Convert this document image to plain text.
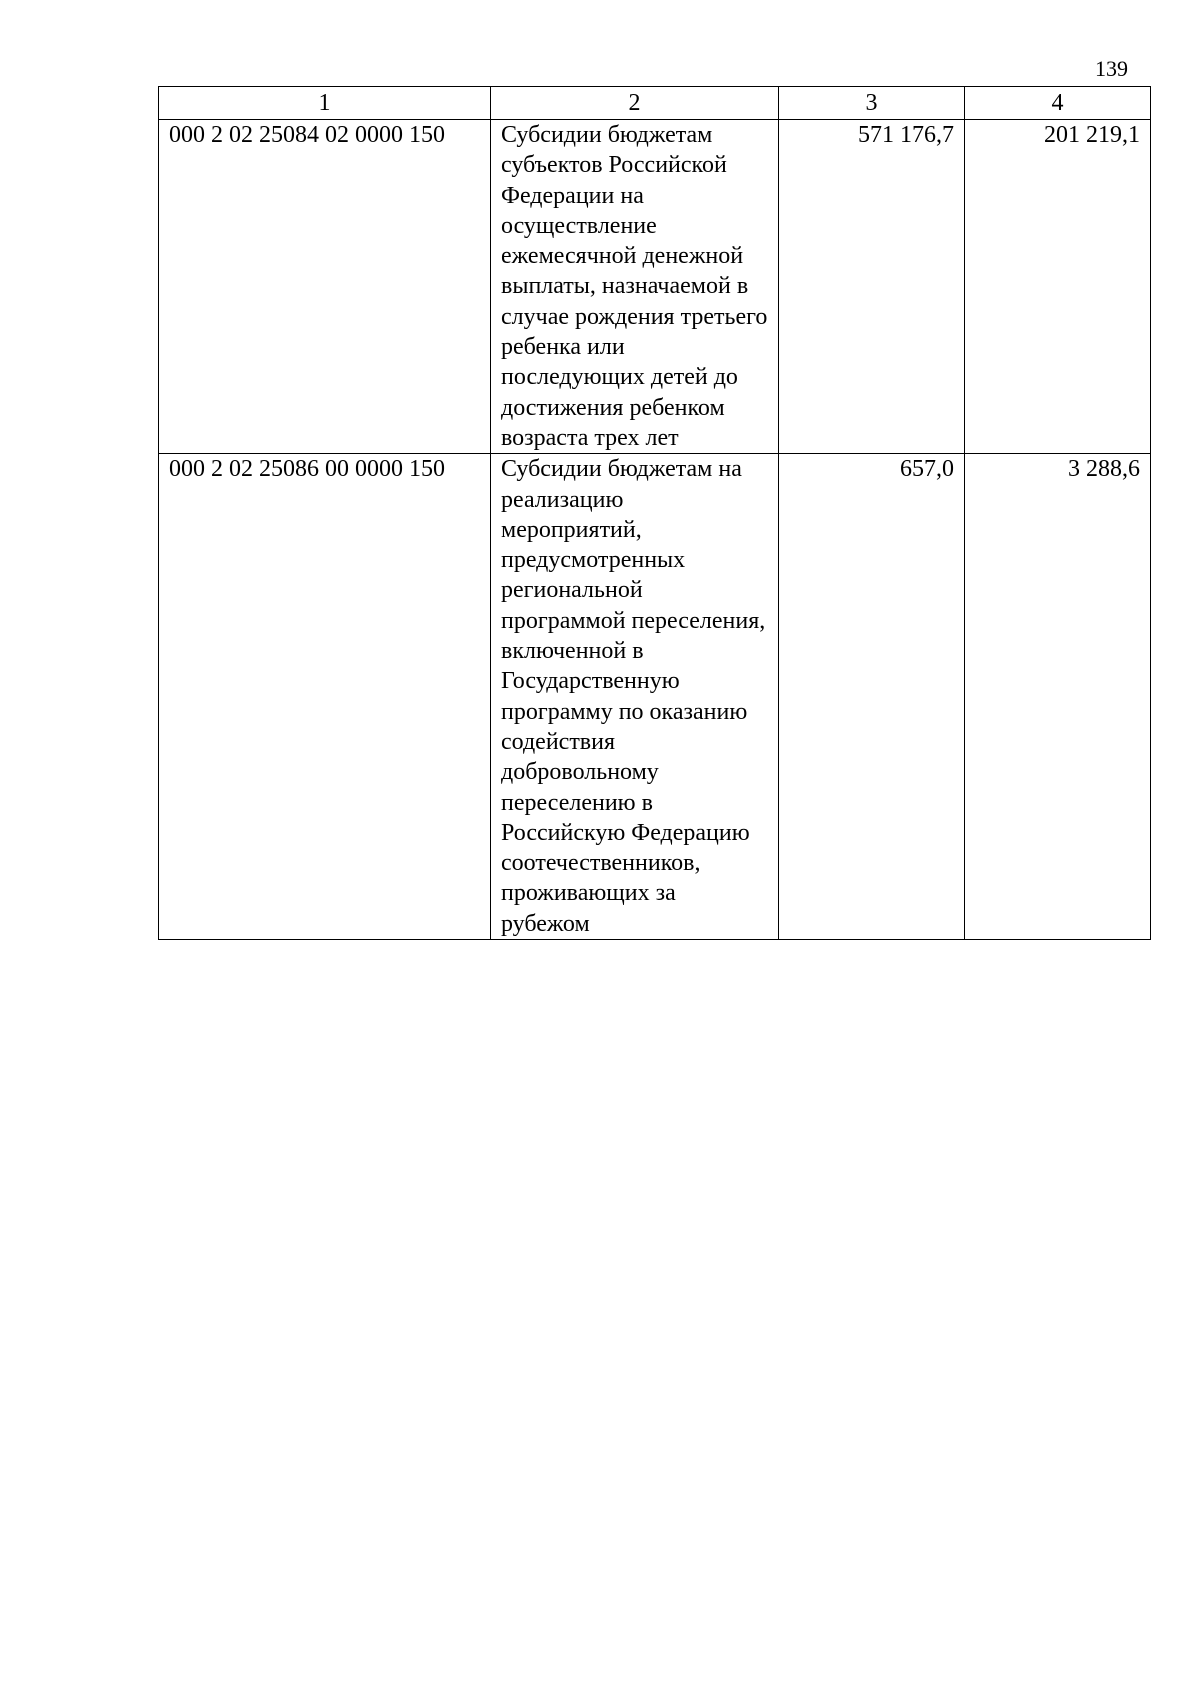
139
1	2	3	4
000 2 02 25084 02 0000 150	Субсидии бюджетам субъектов Российской Федерации на осуществление ежемесячной денежной выплаты, назначаемой в случае рождения третьего ребенка или последующих детей до достижения ребенком возраста трех лет	571 176,7	201 219,1
000 2 02 25086 00 0000 150	Субсидии бюджетам на реализацию мероприятий, предусмотренных региональной программой переселения, включенной в Государственную программу по оказанию содействия добровольному переселению в Российскую Федерацию соотечественников, проживающих за рубежом	657,0	3 288,6
